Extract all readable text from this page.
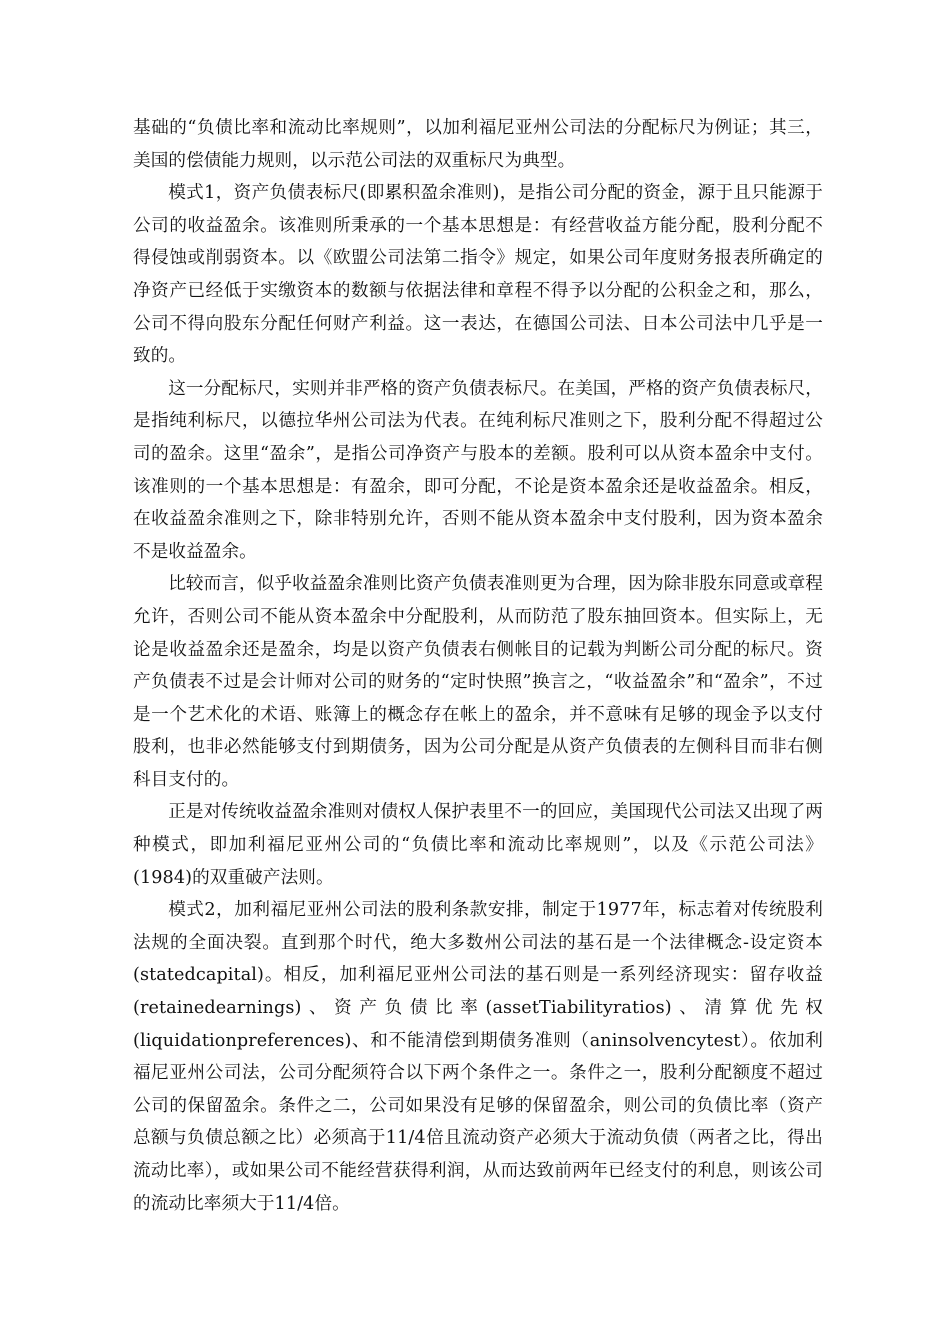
基础的“负债比率和流动比率规则”，以加利福尼亚州公司法的分配标尺为例证；其三，美国的偿债能力规则，以示范公司法的双重标尺为典型。

模式1，资产负债表标尺(即累积盈余准则)，是指公司分配的资金，源于且只能源于公司的收益盈余。该准则所秉承的一个基本思想是：有经营收益方能分配，股利分配不得侵蚀或削弱资本。以《欧盟公司法第二指令》规定，如果公司年度财务报表所确定的净资产已经低于实缴资本的数额与依据法律和章程不得予以分配的公积金之和，那么，公司不得向股东分配任何财产利益。这一表达，在德国公司法、日本公司法中几乎是一致的。

这一分配标尺，实则并非严格的资产负债表标尺。在美国，严格的资产负债表标尺，是指纯利标尺，以德拉华州公司法为代表。在纯利标尺准则之下，股利分配不得超过公司的盈余。这里“盈余”，是指公司净资产与股本的差额。股利可以从资本盈余中支付。该准则的一个基本思想是：有盈余，即可分配，不论是资本盈余还是收益盈余。相反，在收益盈余准则之下，除非特别允许，否则不能从资本盈余中支付股利，因为资本盈余不是收益盈余。

比较而言，似乎收益盈余准则比资产负债表准则更为合理，因为除非股东同意或章程允许，否则公司不能从资本盈余中分配股利，从而防范了股东抽回资本。但实际上，无论是收益盈余还是盈余，均是以资产负债表右侧帐目的记载为判断公司分配的标尺。资产负债表不过是会计师对公司的财务的“定时快照”换言之，“收益盈余”和“盈余”，不过是一个艺术化的术语、账簿上的概念存在帐上的盈余，并不意味有足够的现金予以支付股利，也非必然能够支付到期债务，因为公司分配是从资产负债表的左侧科目而非右侧科目支付的。

正是对传统收益盈余准则对债权人保护表里不一的回应，美国现代公司法又出现了两种模式，即加利福尼亚州公司的“负债比率和流动比率规则”，以及《示范公司法》(1984)的双重破产法则。

模式2，加利福尼亚州公司法的股利条款安排，制定于1977年，标志着对传统股利法规的全面决裂。直到那个时代，绝大多数州公司法的基石是一个法律概念-设定资本(statedcapital)。相反，加利福尼亚州公司法的基石则是一系列经济现实：留存收益(retainedearnings)、资产负债比率(assetTiabilityratios)、清算优先权(liquidationpreferences)、和不能清偿到期债务准则（aninsolvencytest）。依加利福尼亚州公司法，公司分配须符合以下两个条件之一。条件之一，股利分配额度不超过公司的保留盈余。条件之二，公司如果没有足够的保留盈余，则公司的负债比率（资产总额与负债总额之比）必须高于11/4倍且流动资产必须大于流动负债（两者之比，得出流动比率），或如果公司不能经营获得利润，从而达致前两年已经支付的利息，则该公司的流动比率须大于11/4倍。
